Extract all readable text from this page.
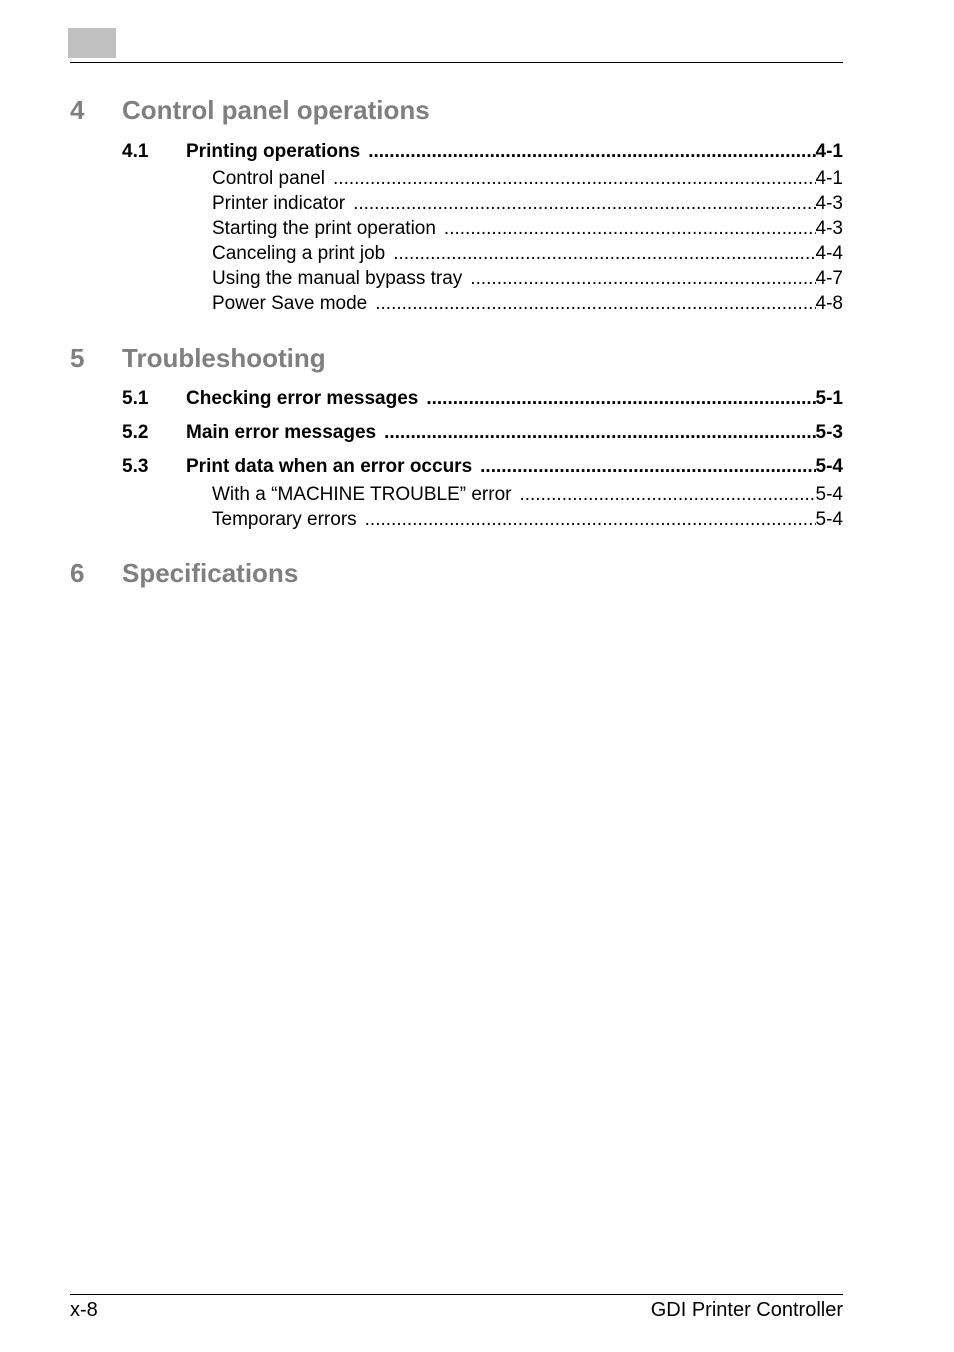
4 Control panel operations
4.1 Printing operations .....	4-1
Control panel .....	4-1
Printer indicator .....	4-3
Starting the print operation .....	4-3
Canceling a print job .....	4-4
Using the manual bypass tray .....	4-7
Power Save mode .....	4-8
5 Troubleshooting
5.1 Checking error messages .....	5-1
5.2 Main error messages .....	5-3
5.3 Print data when an error occurs .....	5-4
With a “MACHINE TROUBLE” error .....	5-4
Temporary errors .....	5-4
6 Specifications
x-8	GDI Printer Controller
